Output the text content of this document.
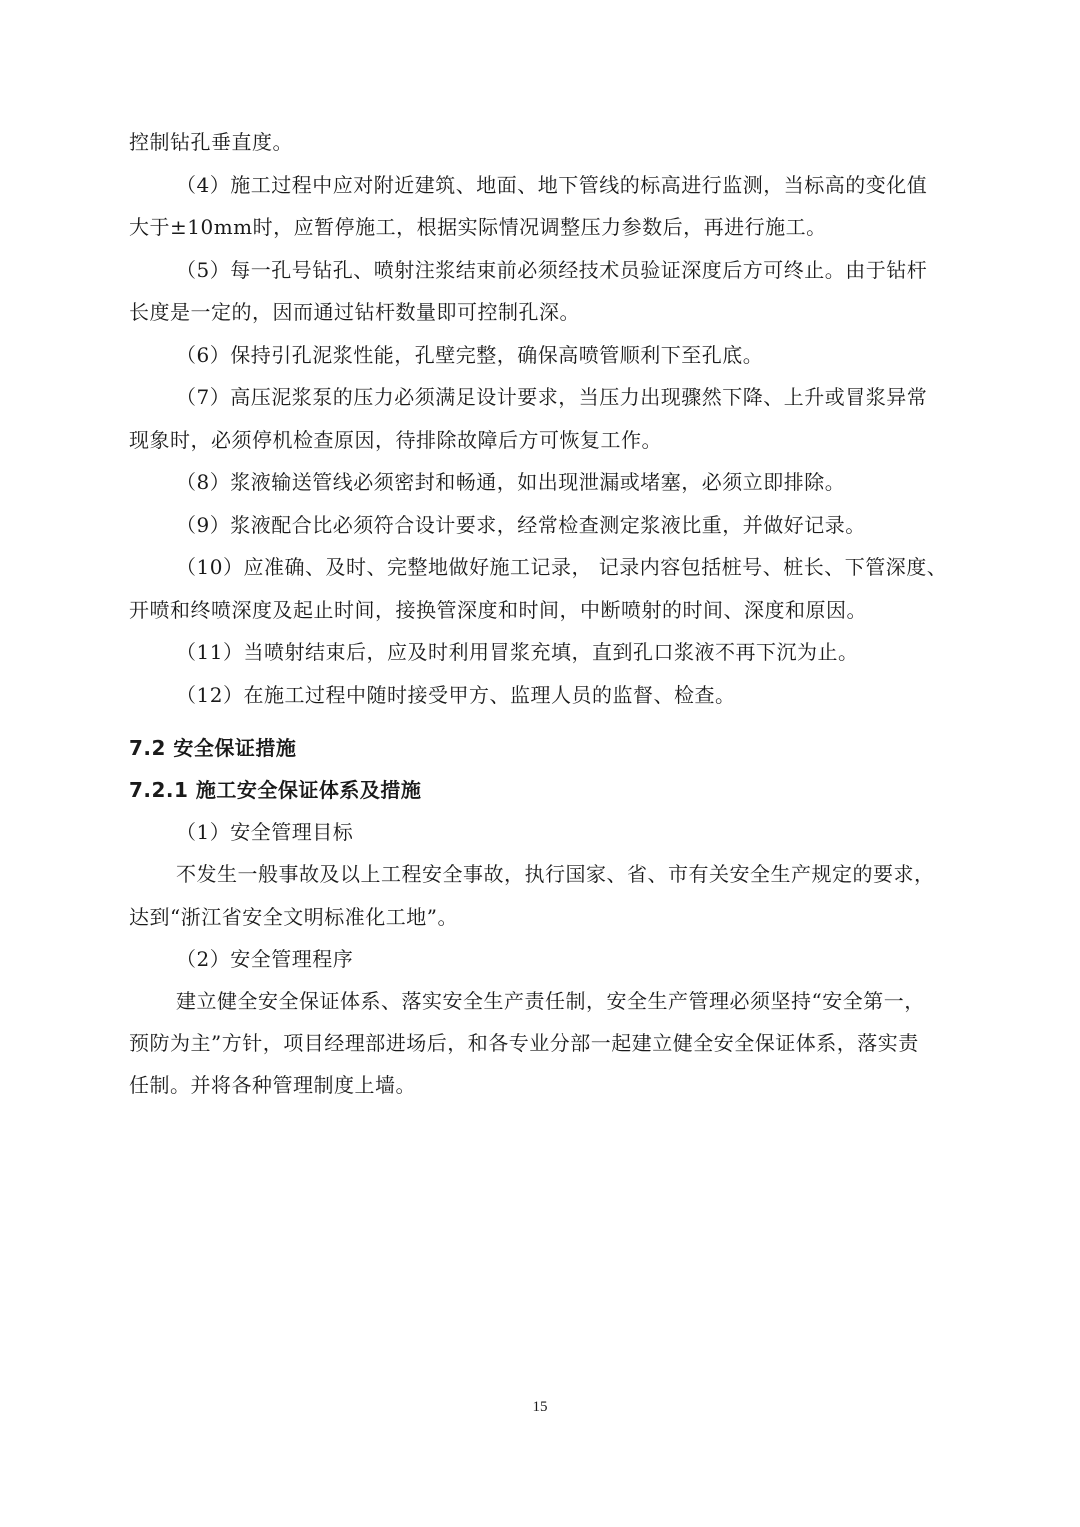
控制钻孔垂直度。
（4）施工过程中应对附近建筑、地面、地下管线的标高进行监测，当标高的变化值
大于±10mm时，应暂停施工，根据实际情况调整压力参数后，再进行施工。
（5）每一孔号钻孔、喷射注浆结束前必须经技术员验证深度后方可终止。由于钻杆
长度是一定的，因而通过钻杆数量即可控制孔深。
（6）保持引孔泥浆性能，孔壁完整，确保高喷管顺利下至孔底。
（7）高压泥浆泵的压力必须满足设计要求，当压力出现骤然下降、上升或冒浆异常
现象时，必须停机检查原因，待排除故障后方可恢复工作。
（8）浆液输送管线必须密封和畅通，如出现泄漏或堵塞，必须立即排除。
（9）浆液配合比必须符合设计要求，经常检查测定浆液比重，并做好记录。
（10）应准确、及时、完整地做好施工记录， 记录内容包括桩号、桩长、下管深度、
开喷和终喷深度及起止时间，接换管深度和时间，中断喷射的时间、深度和原因。
（11）当喷射结束后，应及时利用冒浆充填，直到孔口浆液不再下沉为止。
（12）在施工过程中随时接受甲方、监理人员的监督、检查。
7.2 安全保证措施
7.2.1 施工安全保证体系及措施
（1）安全管理目标
不发生一般事故及以上工程安全事故，执行国家、省、市有关安全生产规定的要求，
达到“浙江省安全文明标准化工地”。
（2）安全管理程序
建立健全安全保证体系、落实安全生产责任制，安全生产管理必须坚持“安全第一，
预防为主”方针，项目经理部进场后，和各专业分部一起建立健全安全保证体系，落实责
任制。并将各种管理制度上墙。
15
